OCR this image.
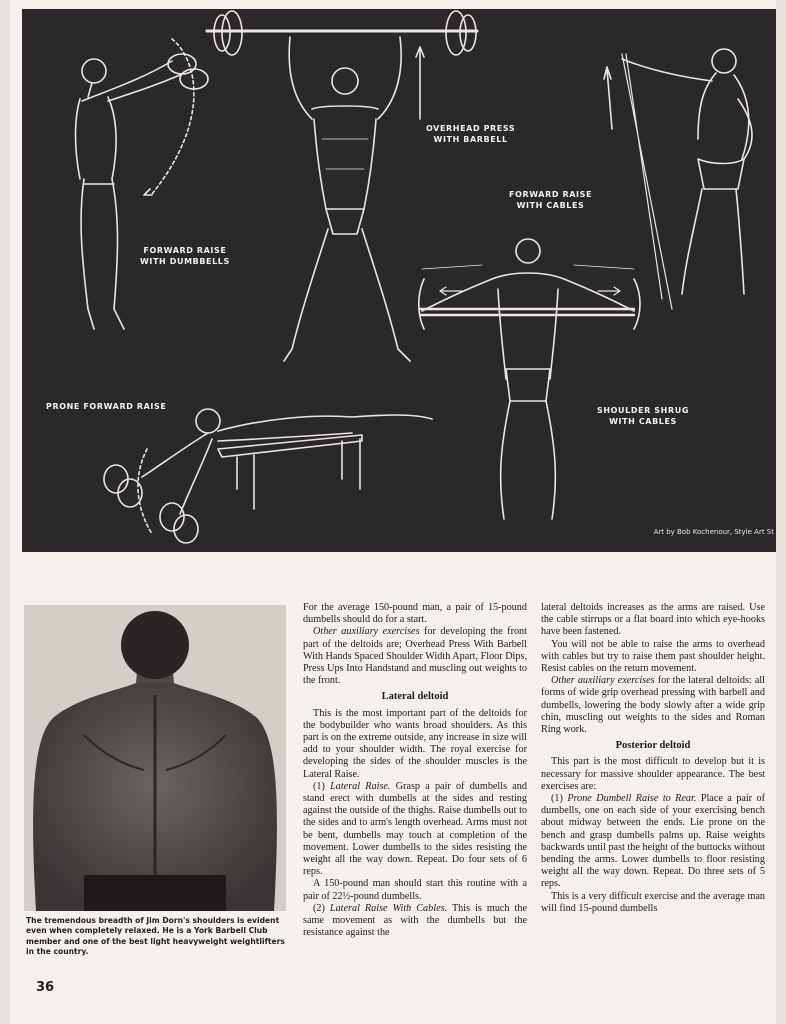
FORWARD RAISE
WITH DUMBBELLS
OVERHEAD PRESS
WITH BARBELL
FORWARD RAISE
WITH CABLES
PRONE FORWARD RAISE	SHOULDER SHRUG
WITH CABLES
Art by Bob Kochenour, Style Art St
The tremendous breadth of Jim Dorn's shoulders is evident even when completely relaxed. He is a York Barbell Club member and one of the best light heavyweight weightlifters in the country.
36

For the average 150-pound man, a pair of 15-pound dumbells should do for a start.

Other auxiliary exercises for developing the front part of the deltoids are; Overhead Press With Barbell With Hands Spaced Shoulder Width Apart, Floor Dips, Press Ups Into Handstand and muscling out weights to the front.

Lateral deltoid

This is the most important part of the deltoids for the bodybuilder who wants broad shoulders. As this part is on the extreme outside, any increase in size will add to your shoulder width. The royal exercise for developing the sides of the shoulder muscles is the Lateral Raise.

(1) Lateral Raise. Grasp a pair of dumbells and stand erect with dumbells at the sides and resting against the outside of the thighs. Raise dumbells out to the sides and to arm's length overhead. Arms must not be bent, dumbells may touch at completion of the movement. Lower dumbells to the sides resisting the weight all the way down. Repeat. Do four sets of 6 reps.

A 150-pound man should start this routine with a pair of 22½-pound dumbells.

(2) Lateral Raise With Cables. This is much the same movement as with the dumbells but the resistance against the

lateral deltoids increases as the arms are raised. Use the cable stirrups or a flat board into which eye-hooks have been fastened.

You will not be able to raise the arms to overhead with cables but try to raise them past shoulder height. Resist cables on the return movement.

Other auxiliary exercises for the lateral deltoids: all forms of wide grip overhead pressing with barbell and dumbells, lowering the body slowly after a wide grip chin, muscling out weights to the sides and Roman Ring work.

Posterior deltoid

This part is the most difficult to develop but it is necessary for massive shoulder appearance. The best exercises are:

(1) Prone Dumbell Raise to Rear. Place a pair of dumbells, one on each side of your exercising bench about midway between the ends. Lie prone on the bench and grasp dumbells palms up. Raise weights backwards until past the height of the buttocks without bending the arms. Lower dumbells to floor resisting weight all the way down. Repeat. Do three sets of 5 reps.

This is a very difficult exercise and the average man will find 15-pound dumbells
